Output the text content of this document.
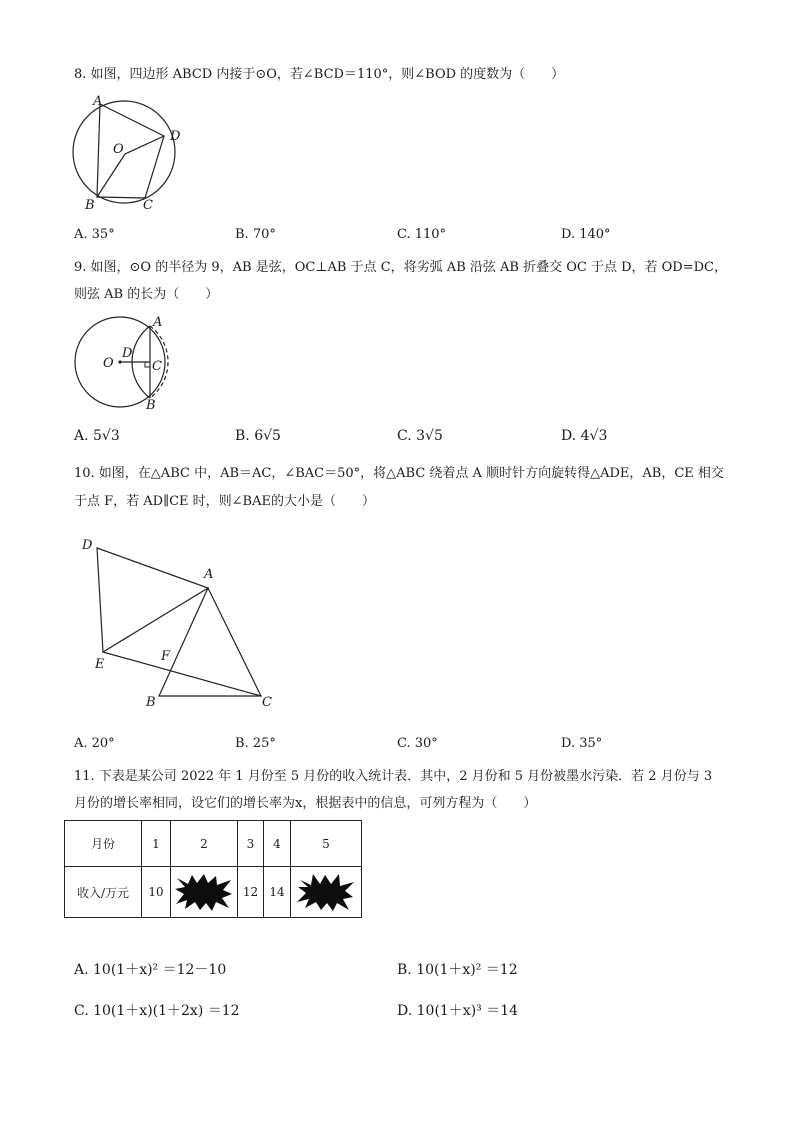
8. 如图，四边形 ABCD 内接于⊙O，若∠BCD＝110°，则∠BOD 的度数为（　　）
A
D
O
B	C
A. 35°	B. 70°	C. 110°	D. 140°
9. 如图，⊙O 的半径为 9，AB 是弦，OC⊥AB 于点 C，将劣弧 AB 沿弦 AB 折叠交 OC 于点 D，若 OD=DC，
则弦 AB 的长为（　　）
A
O
D
C
B
A. 5√3	B. 6√5	C. 3√5	D. 4√3
10. 如图，在△ABC 中，AB＝AC，∠BAC＝50°，将△ABC 绕着点 A 顺时针方向旋转得△ADE，AB，CE 相交
于点 F，若 AD∥CE 时，则∠BAE的大小是（　　）
D
A
E
F
B	C
A. 20°	B. 25°	C. 30°	D. 35°
11. 下表是某公司 2022 年 1 月份至 5 月份的收入统计表．其中，2 月份和 5 月份被墨水污染．若 2 月份与 3
月份的增长率相同，设它们的增长率为x，根据表中的信息，可列方程为（　　）
月份	1	2	3	4	5
收入/万元	10		12	14	
A. 10(1＋x)² ＝12－10	B. 10(1＋x)² ＝12
C. 10(1＋x)(1＋2x) ＝12	D. 10(1＋x)³ ＝14
